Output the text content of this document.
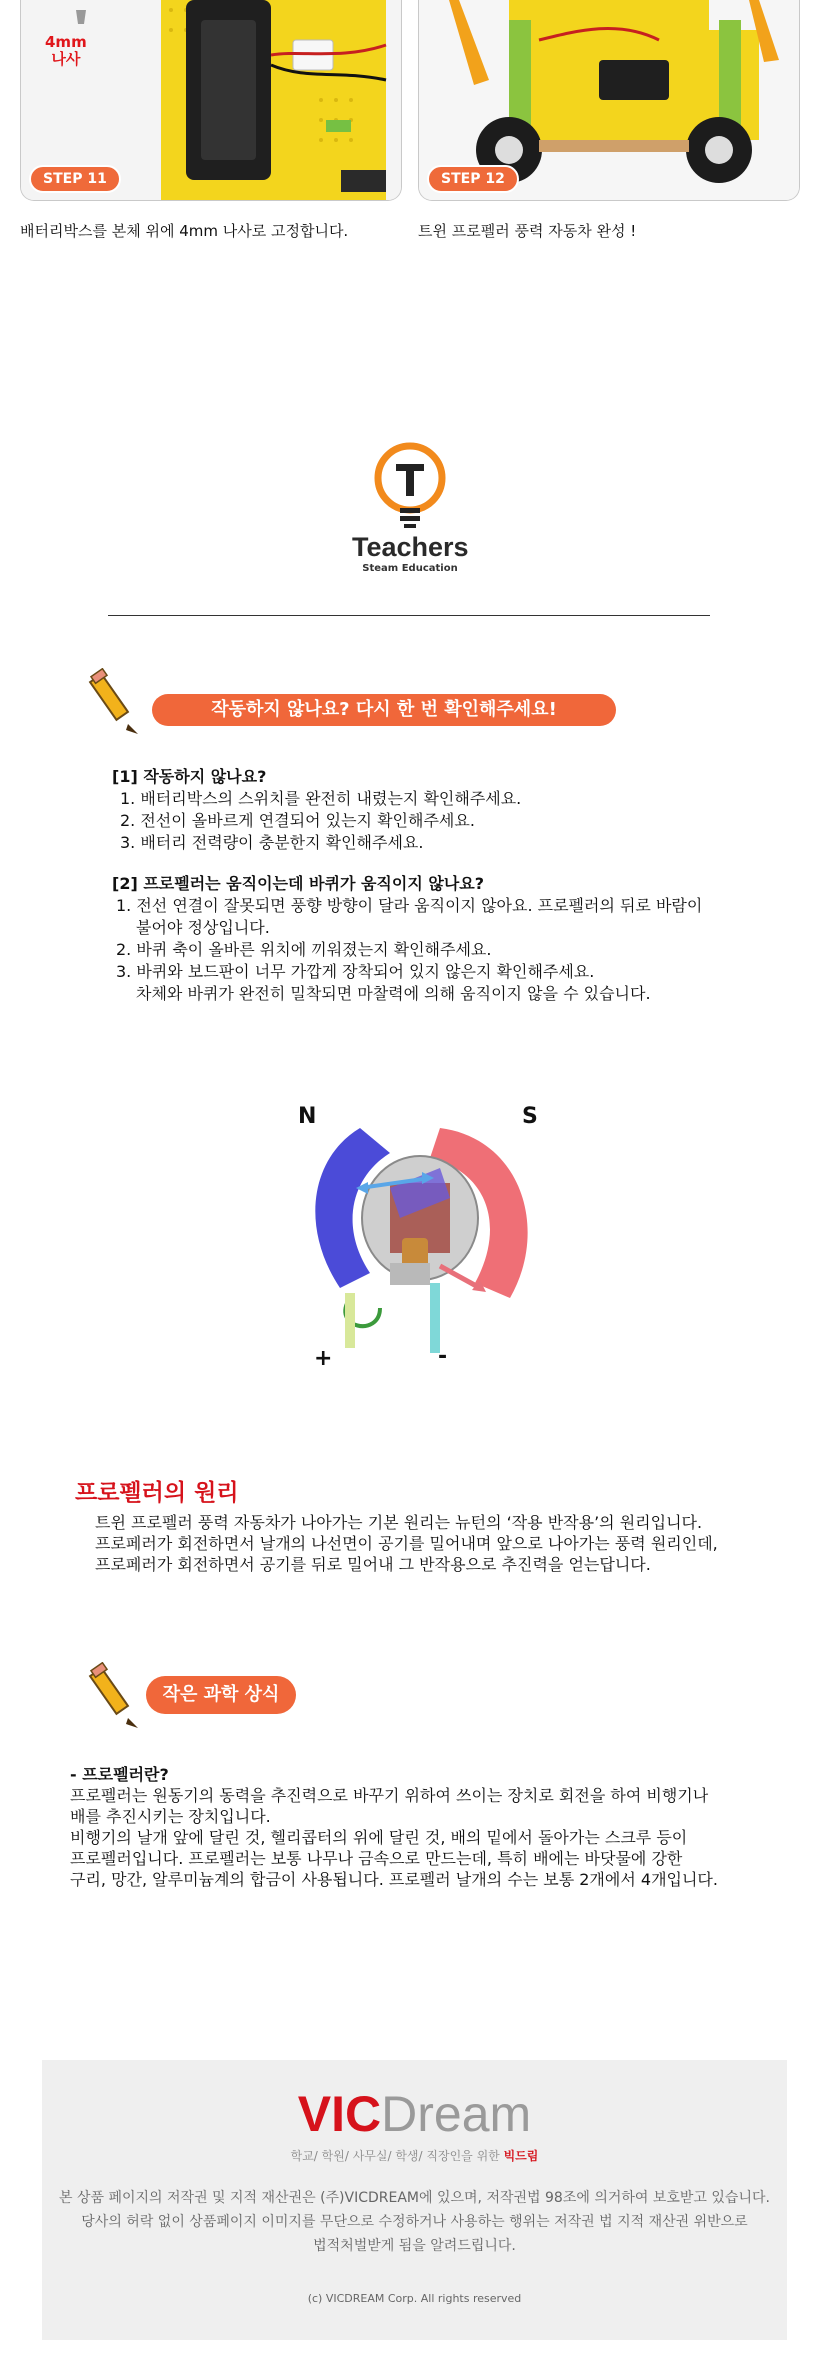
4mm
나사
STEP 11
배터리박스를 본체 위에 4mm 나사로 고정합니다.
STEP 12
트윈 프로펠러 풍력 자동차 완성 !
Teachers
Steam Education
작동하지 않나요? 다시 한 번 확인해주세요!
[1] 작동하지 않나요?
1. 배터리박스의 스위치를 완전히 내렸는지 확인해주세요.
2. 전선이 올바르게 연결되어 있는지 확인해주세요.
3. 배터리 전력량이 충분한지 확인해주세요.
[2] 프로펠러는 움직이는데 바퀴가 움직이지 않나요?
1. 전선 연결이 잘못되면 풍향 방향이 달라 움직이지 않아요. 프로펠러의 뒤로 바람이
불어야 정상입니다.
2. 바퀴 축이 올바른 위치에 끼워졌는지 확인해주세요.
3. 바퀴와 보드판이 너무 가깝게 장착되어 있지 않은지 확인해주세요.
차체와 바퀴가 완전히 밀착되면 마찰력에 의해 움직이지 않을 수 있습니다.
N	S
+	-
프로펠러의 원리
트윈 프로펠러 풍력 자동차가 나아가는 기본 원리는 뉴턴의 ‘작용 반작용’의 원리입니다.
프로페러가 회전하면서 날개의 나선면이 공기를 밀어내며 앞으로 나아가는 풍력 원리인데,
프로페러가 회전하면서 공기를 뒤로 밀어내 그 반작용으로 추진력을 얻는답니다.
작은 과학 상식
- 프로펠러란?
프로펠러는 원동기의 동력을 추진력으로 바꾸기 위하여 쓰이는 장치로 회전을 하여 비행기나
배를 추진시키는 장치입니다.
비행기의 날개 앞에 달린 것, 헬리콥터의 위에 달린 것, 배의 밑에서 돌아가는 스크루 등이
프로펠러입니다. 프로펠러는 보통 나무나 금속으로 만드는데, 특히 배에는 바닷물에 강한
구리, 망간, 알루미늄계의 합금이 사용됩니다. 프로펠러 날개의 수는 보통 2개에서 4개입니다.
VICDream
학교/ 학원/ 사무실/ 학생/ 직장인을 위한 빅드림
본 상품 페이지의 저작권 및 지적 재산권은 (주)VICDREAM에 있으며, 저작권법 98조에 의거하여 보호받고 있습니다.
당사의 허락 없이 상품페이지 이미지를 무단으로 수정하거나 사용하는 행위는 저작권 법 지적 재산권 위반으로
법적처벌받게 됨을 알려드립니다.
(c) VICDREAM Corp. All rights reserved
